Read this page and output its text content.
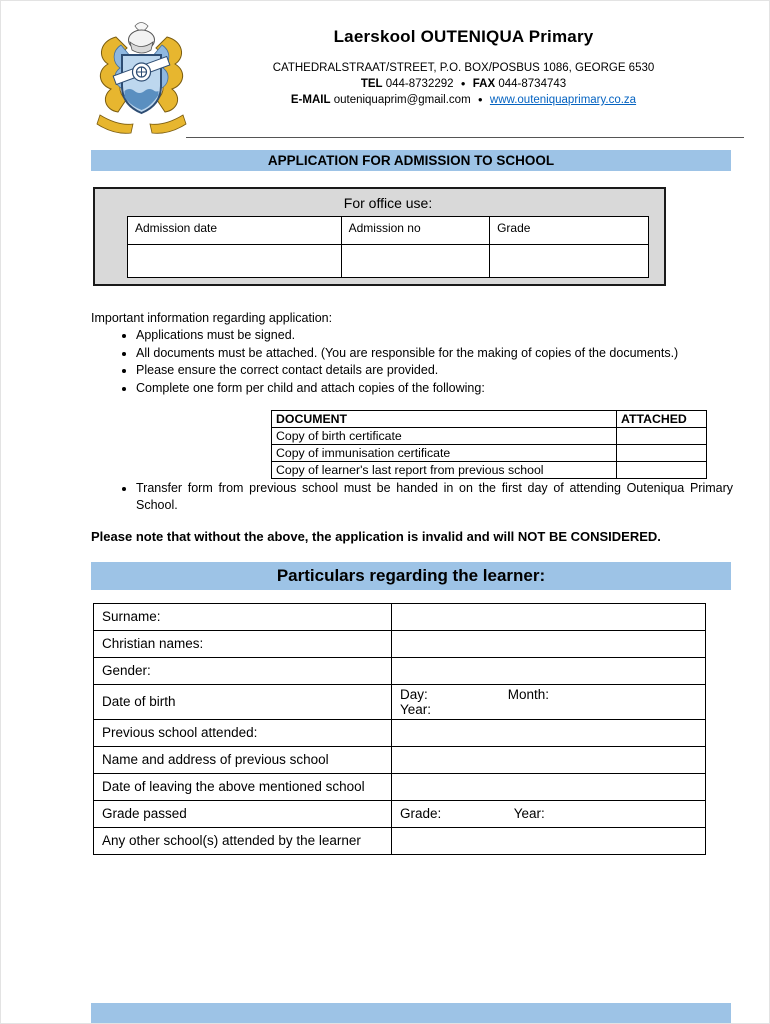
Laerskool OUTENIQUA Primary
CATHEDRALSTRAAT/STREET, P.O. BOX/POSBUS 1086, GEORGE 6530
TEL 044-8732292 ● FAX 044-8734743
E-MAIL outeniquaprim@gmail.com ● www.outeniquaprimary.co.za
APPLICATION FOR ADMISSION TO SCHOOL
For office use:
Admission date	Admission no	Grade

Important information regarding application:
• Applications must be signed.
• All documents must be attached. (You are responsible for the making of copies of the documents.)
• Please ensure the correct contact details are provided.
• Complete one form per child and attach copies of the following:
DOCUMENT	ATTACHED
Copy of birth certificate	
Copy of immunisation certificate	
Copy of learner's last report from previous school	
• Transfer form from previous school must be handed in on the first day of attending Outeniqua Primary School.

Please note that without the above, the application is invalid and will NOT BE CONSIDERED.

Particulars regarding the learner:
Surname:	
Christian names:	
Gender:	
Date of birth	Day: Month: Year:
Previous school attended:	
Name and address of previous school	
Date of leaving the above mentioned school	
Grade passed	Grade: Year:
Any other school(s) attended by the learner	
